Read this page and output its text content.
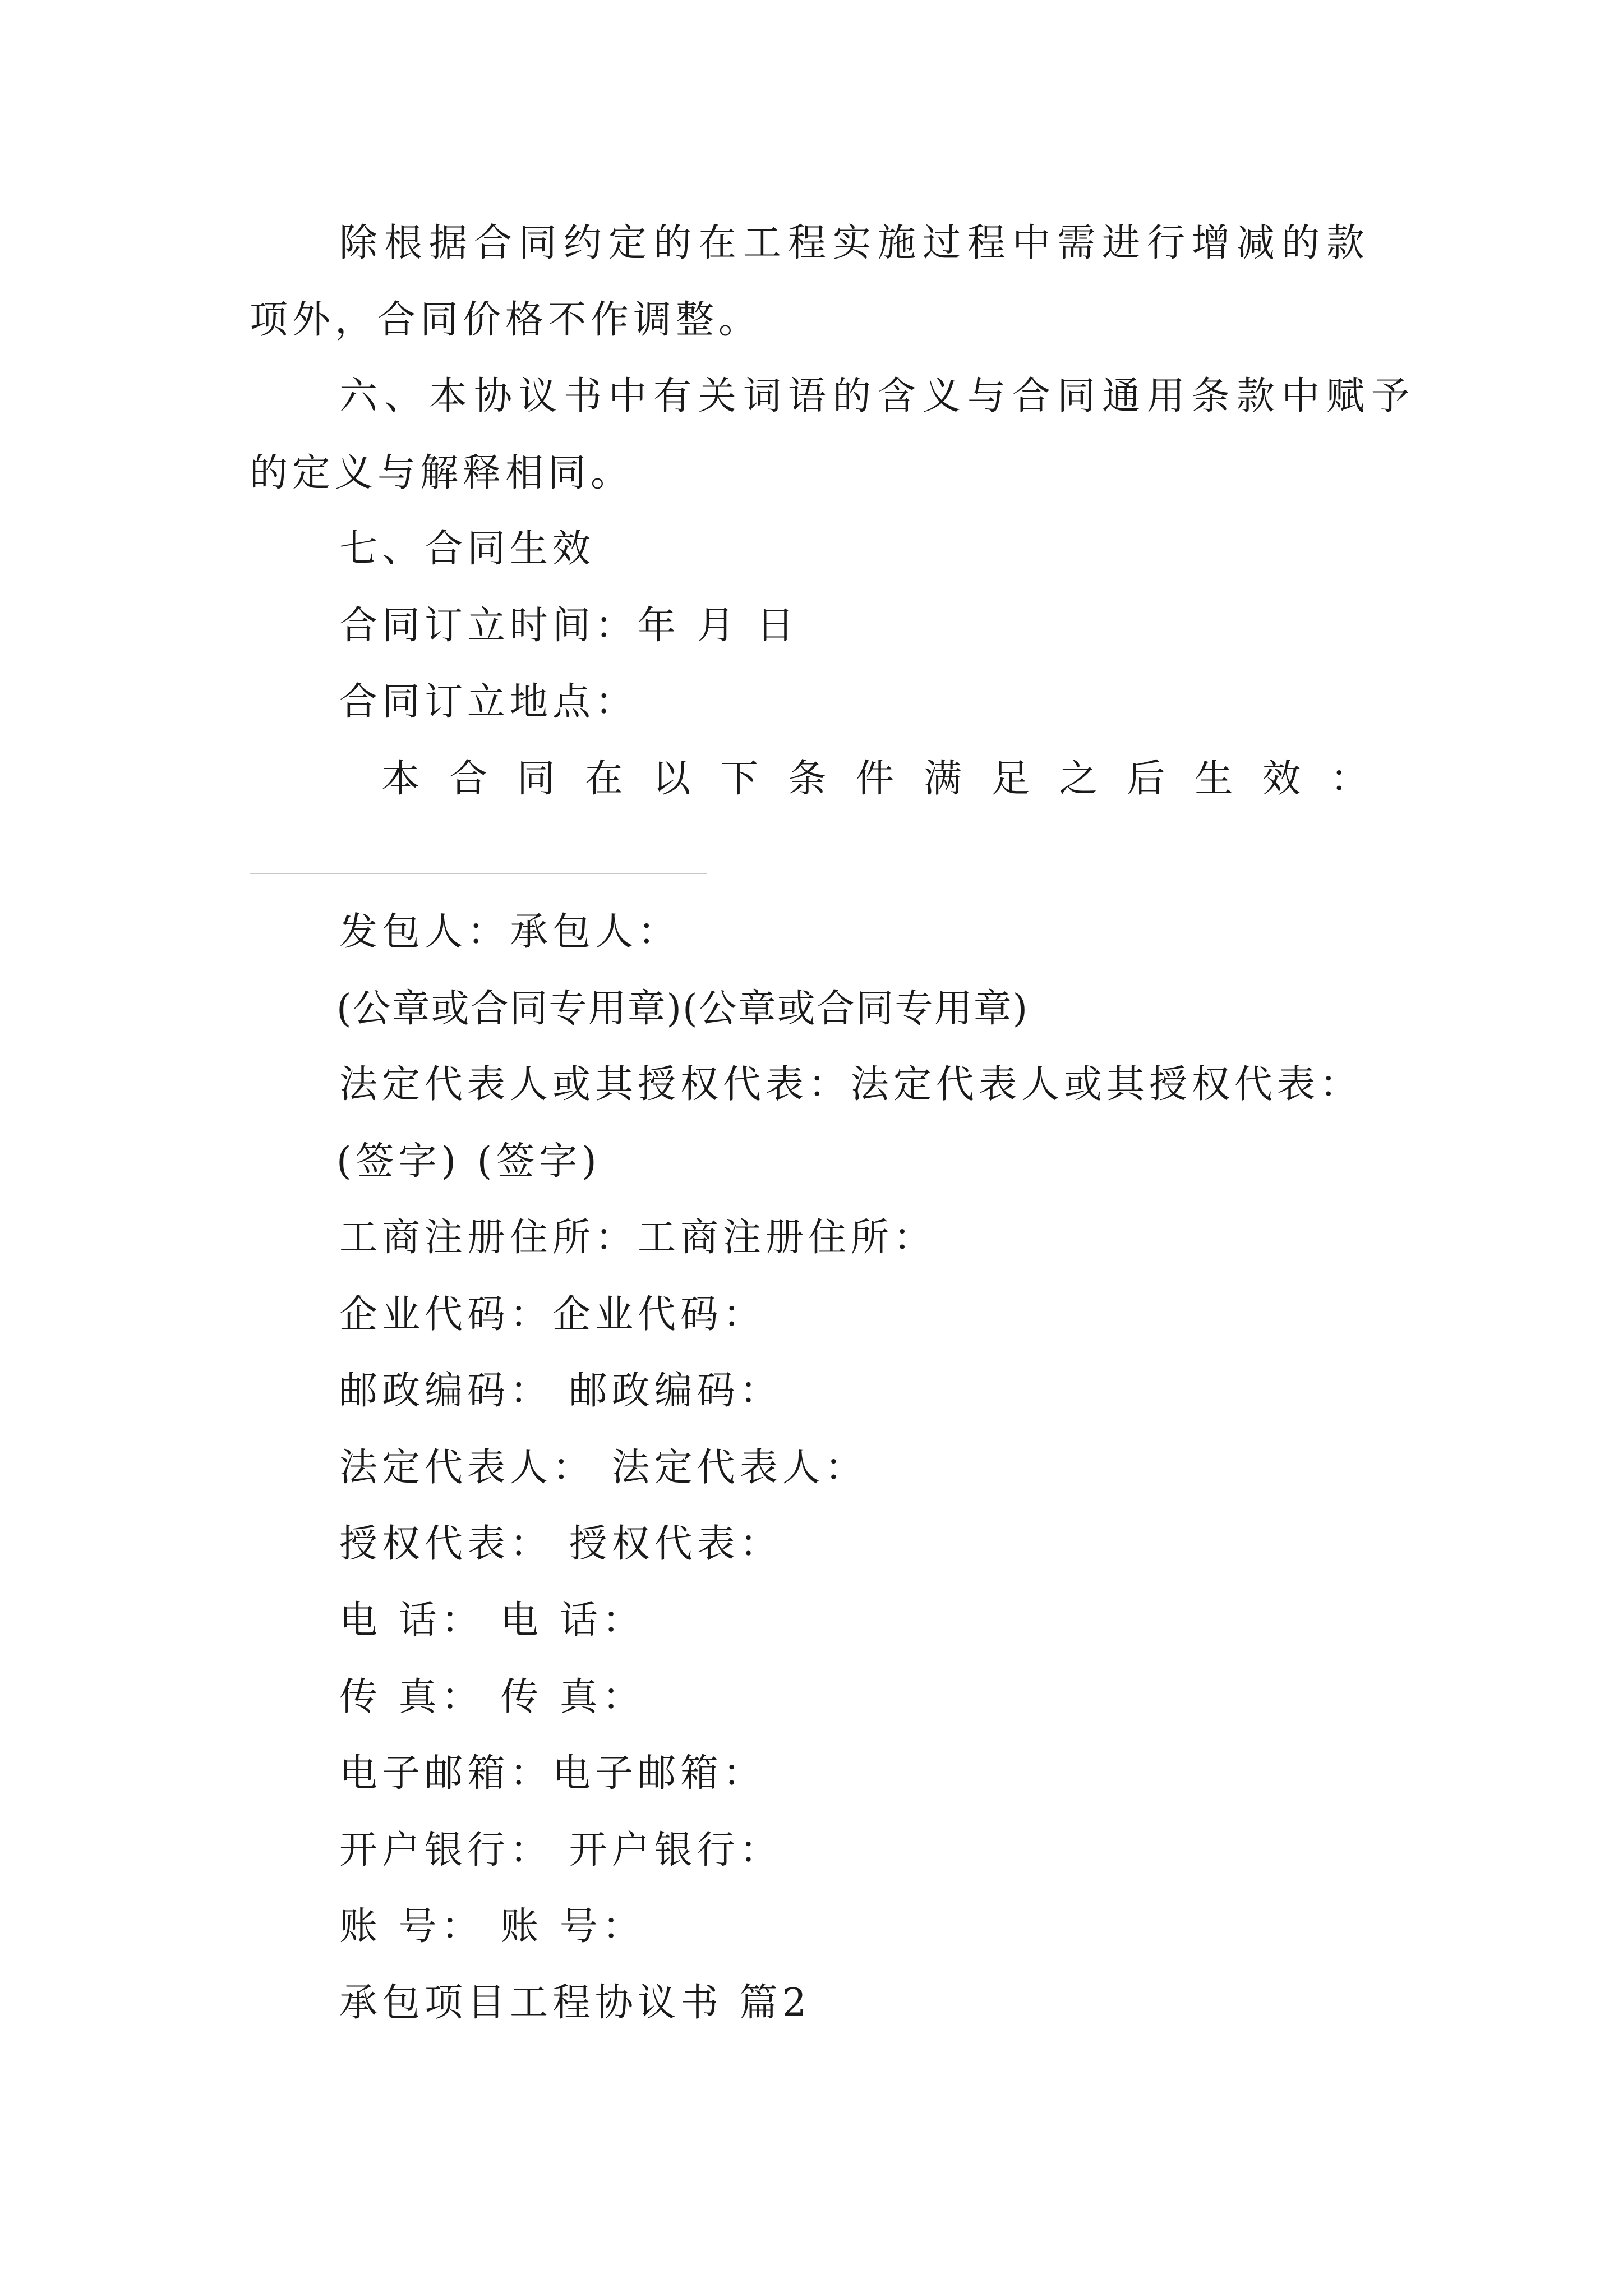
除根据合同约定的在工程实施过程中需进行增减的款
项外，合同价格不作调整。
六、本协议书中有关词语的含义与合同通用条款中赋予
的定义与解释相同。
七、合同生效
合同订立时间：年 月 日
合同订立地点：
本合同在以下条件满足之后生效：
发包人：承包人：
(公章或合同专用章)(公章或合同专用章)
法定代表人或其授权代表：法定代表人或其授权代表：
(签字) (签字)
工商注册住所：工商注册住所：
企业代码：企业代码：
邮政编码： 邮政编码：
法定代表人： 法定代表人：
授权代表： 授权代表：
电 话： 电 话：
传 真： 传 真：
电子邮箱：电子邮箱：
开户银行： 开户银行：
账 号： 账 号：
承包项目工程协议书 篇2
